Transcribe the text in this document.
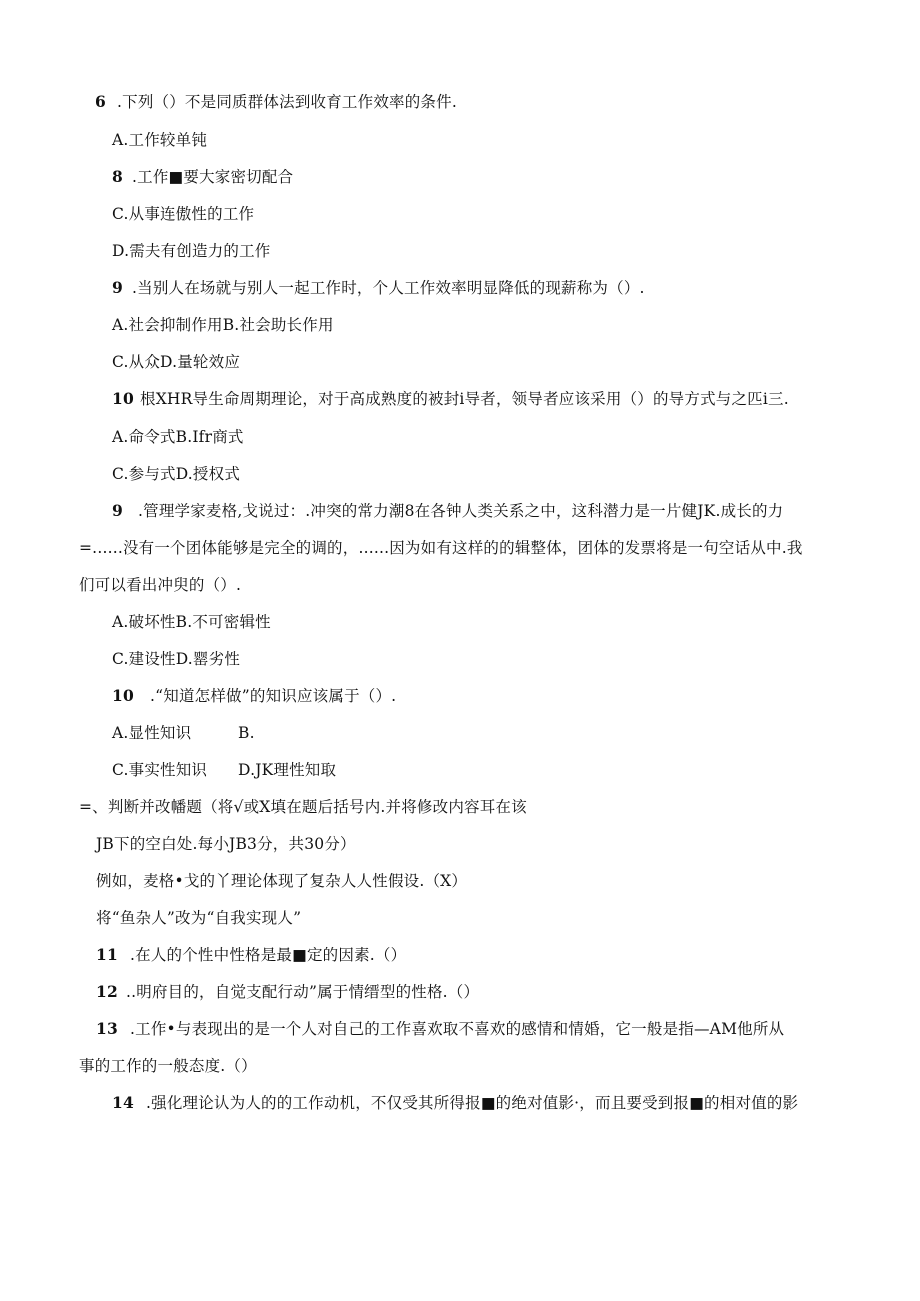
6 .下列（）不是同质群体法到收育工作效率的条件.
A.工作较单钝
8 .工作■要大家密切配合
C.从事连傲性的工作
D.需夫有创造力的工作
9 .当别人在场就与别人一起工作时，个人工作效率明显降低的现薪称为（）.
A.社会抑制作用B.社会助长作用
C.从众D.量轮效应
10 根XHR导生命周期理论，对于高成熟度的被封i导者，领导者应该采用（）的导方式与之匹i三.
A.命令式B.Ifr商式
C.参与式D.授权式
9 .管理学家麦格,戈说过：.冲突的常力潮8在各钟人类关系之中，这科潜力是一片健JK.成长的力
=......没有一个团体能够是完全的调的，......因为如有这样的的辑整体，团体的发票将是一句空话从中.我
们可以看出冲臾的（）.
A.破坏性B.不可密辑性
C.建设性D.罂劣性
10 .“知道怎样做”的知识应该属于（）.
A.显性知识	B.
C.事实性知识 D.JK理性知取
=、判断并改幡题（将√或X填在题后括号内.并将修改内容耳在该
JB下的空白处.每小JB3分，共30分）
例如，麦格•戈的丫理论体现了复杂人人性假设.（X）
将“鱼杂人”改为“自我实现人”
11 .在人的个性中性格是最■定的因素.（）
12 ..明府目的，自觉支配行动”属于情缙型的性格.（）
13 .工作•与表现出的是一个人对自己的工作喜欢取不喜欢的感情和情婚，它一般是指—AM他所从
事的工作的一般态度.（）
14 .强化理论认为人的的工作动机，不仅受其所得报■的绝对值影·，而且要受到报■的相对值的影
